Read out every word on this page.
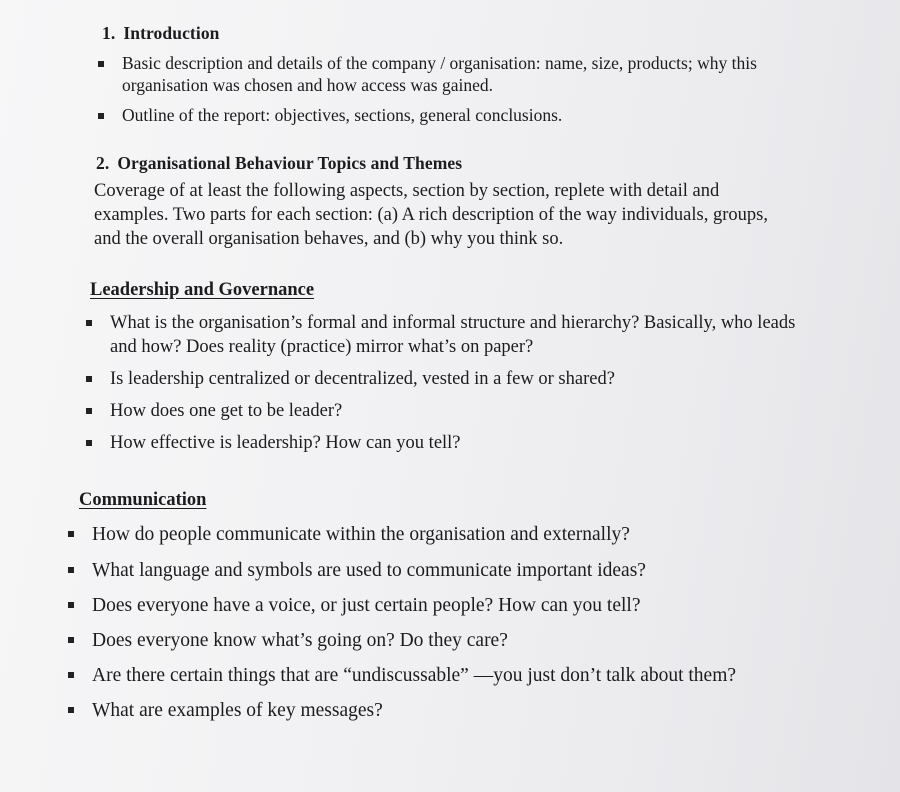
1. Introduction
Basic description and details of the company / organisation: name, size, products; why this organisation was chosen and how access was gained.
Outline of the report: objectives, sections, general conclusions.
2. Organisational Behaviour Topics and Themes
Coverage of at least the following aspects, section by section, replete with detail and examples. Two parts for each section: (a) A rich description of the way individuals, groups, and the overall organisation behaves, and (b) why you think so.
Leadership and Governance
What is the organisation’s formal and informal structure and hierarchy? Basically, who leads and how? Does reality (practice) mirror what’s on paper?
Is leadership centralized or decentralized, vested in a few or shared?
How does one get to be leader?
How effective is leadership? How can you tell?
Communication
How do people communicate within the organisation and externally?
What language and symbols are used to communicate important ideas?
Does everyone have a voice, or just certain people? How can you tell?
Does everyone know what’s going on? Do they care?
Are there certain things that are “undiscussable” —you just don’t talk about them?
What are examples of key messages?
